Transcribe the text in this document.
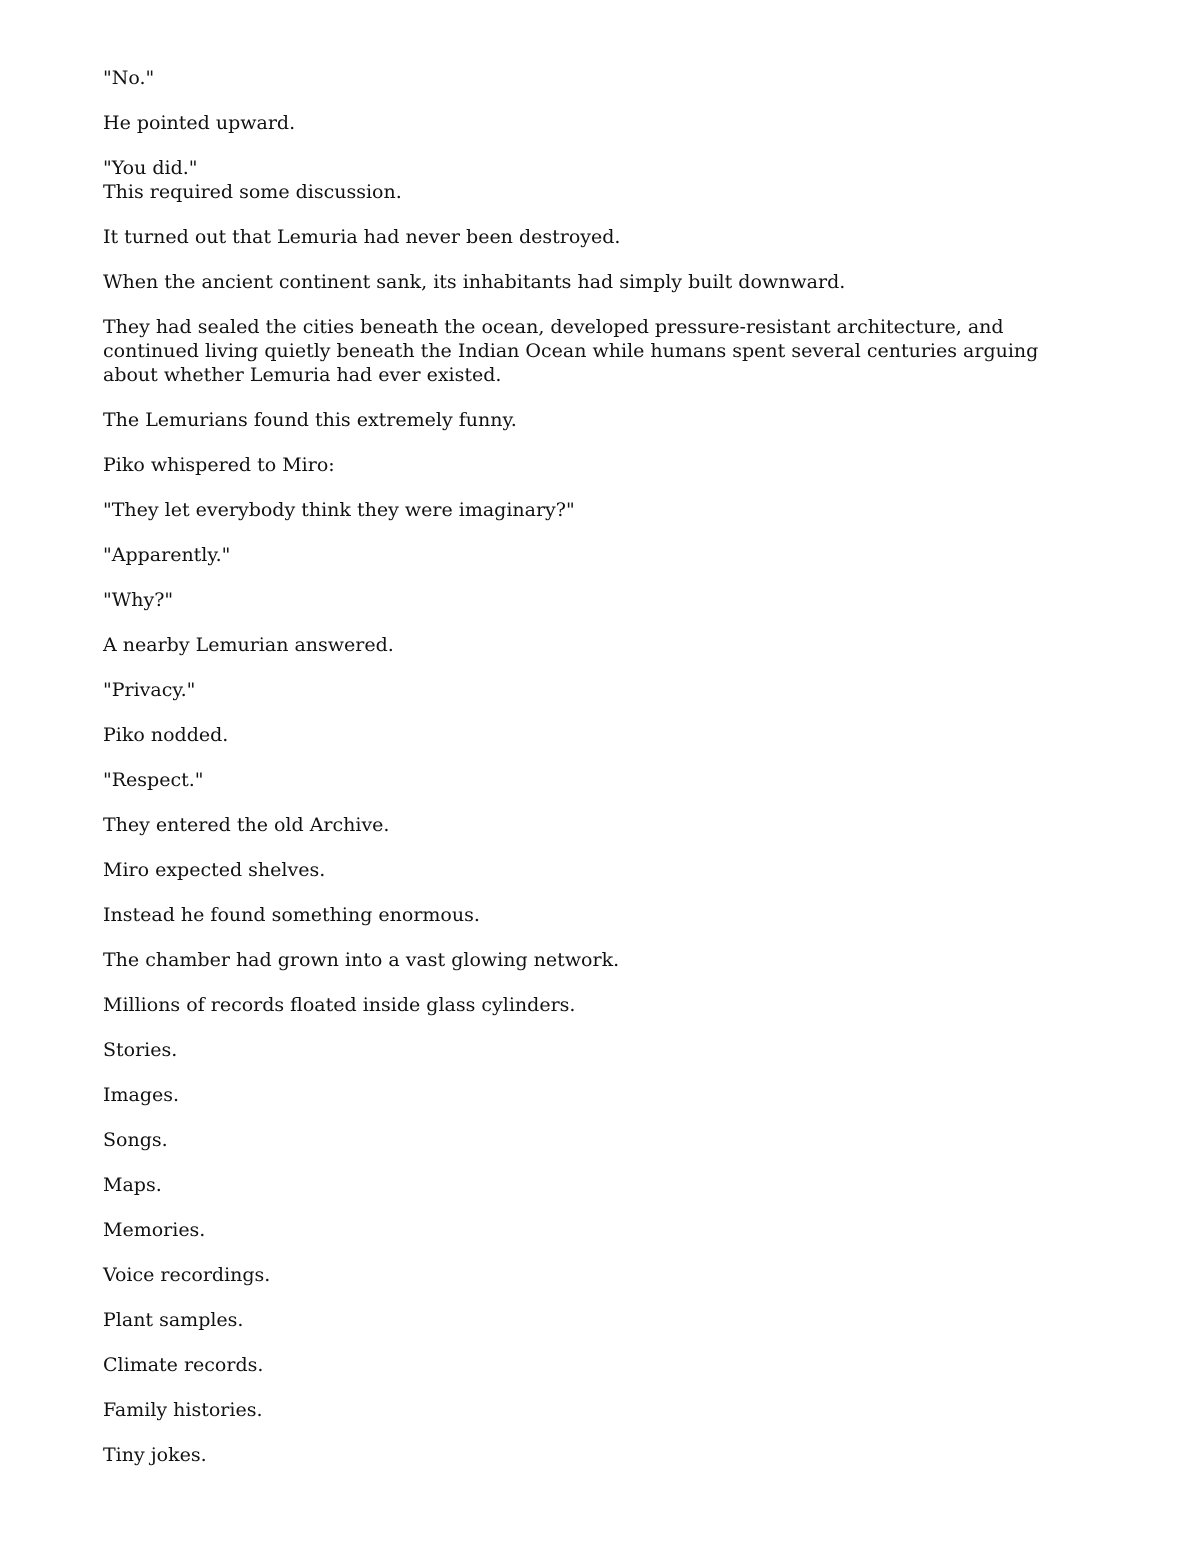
"No."

He pointed upward.

"You did."

This required some discussion.

It turned out that Lemuria had never been destroyed.

When the ancient continent sank, its inhabitants had simply built downward.

They had sealed the cities beneath the ocean, developed pressure-resistant architecture, and continued living quietly beneath the Indian Ocean while humans spent several centuries arguing about whether Lemuria had ever existed.

The Lemurians found this extremely funny.

Piko whispered to Miro:

"They let everybody think they were imaginary?"

"Apparently."

"Why?"

A nearby Lemurian answered.

"Privacy."

Piko nodded.

"Respect."

They entered the old Archive.

Miro expected shelves.

Instead he found something enormous.

The chamber had grown into a vast glowing network.

Millions of records floated inside glass cylinders.

Stories.

Images.

Songs.

Maps.

Memories.

Voice recordings.

Plant samples.

Climate records.

Family histories.

Tiny jokes.
